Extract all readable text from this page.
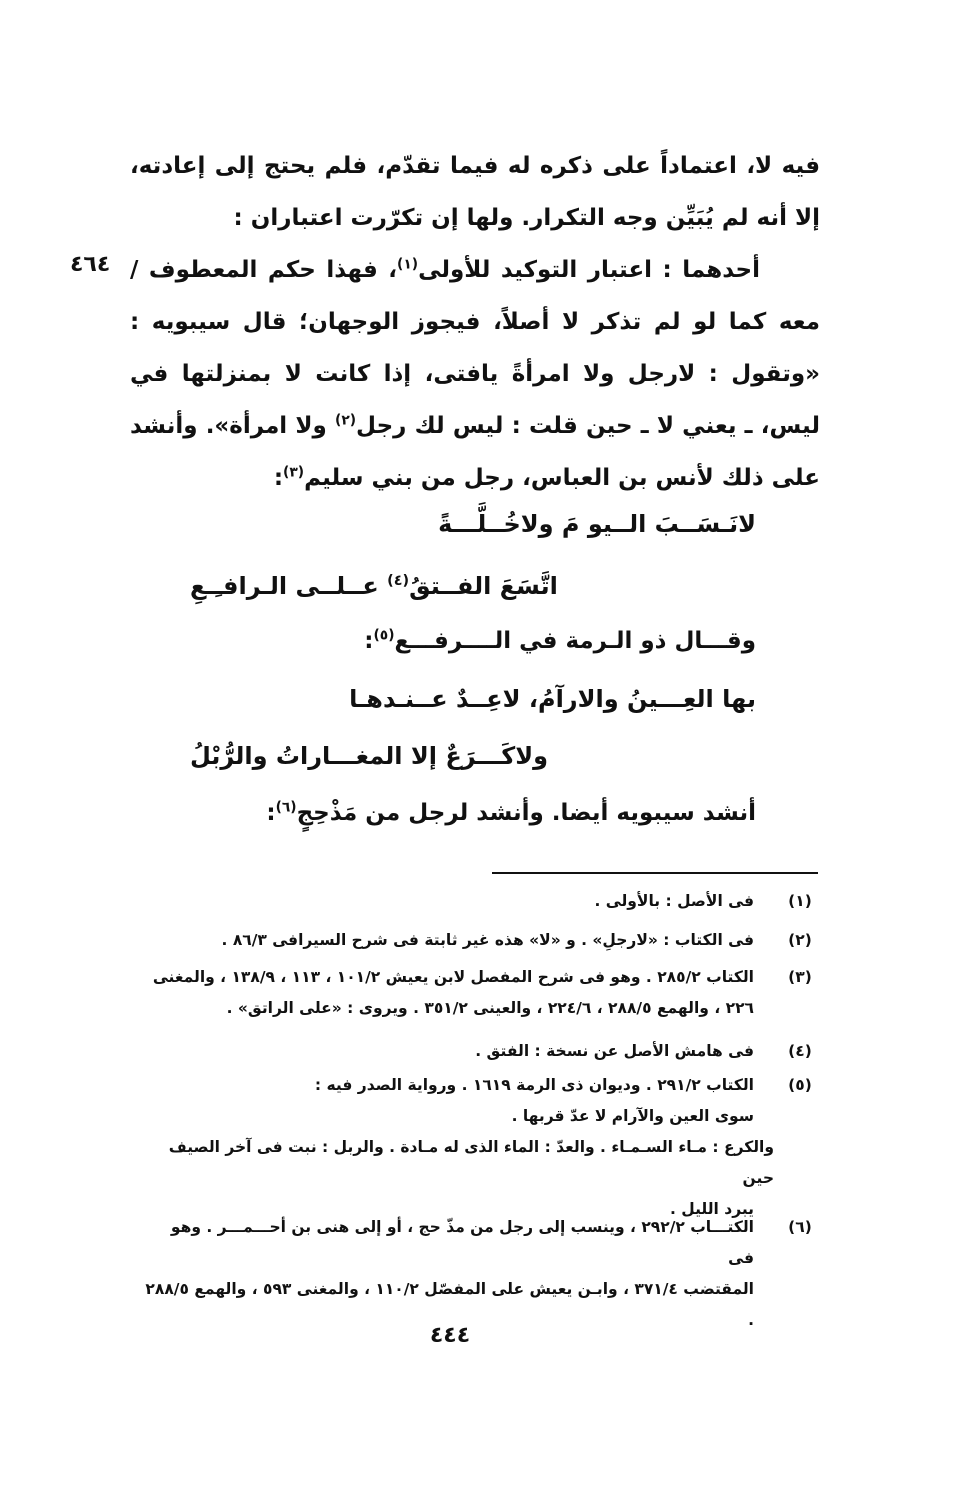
فيه لا، اعتماداً على ذكره له فيما تقدّم، فلم يحتج إلى إعادته، إلا أنه لم يُبَيِّن وجه التكرار. ولها إن تكرّرت اعتباران :

أحدهما : اعتبار التوكيد للأولى$^{(١)}$، فهذا حكم المعطوف / معه كما لو لم تذكر لا أصلاً، فيجوز الوجهان؛ قال سيبويه : «وتقول : لارجل ولا امرأةً يافتى، إذا كانت لا بمنزلتها في ليس، ـ يعني لا ـ حين قلت : ليس لك رجل$^{(٢)}$ ولا امرأة». وأنشد على ذلك لأنس بن العباس، رجل من بني سليم$^{(٣)}$:

٤٦٤
لانَـسَــبَ الــيو مَ ولاخُــلَّـــةً
اتَّسَعَ الفــتقُ$^{(٤)}$ عــلــى الـرافـِـعِ
وقـــال ذو الـرمة في الــــرفـــع$^{(٥)}$:
بها العِـــينُ والارآمُ، لاعِــدٌ عــنـدهـا
ولاكَـــرَعٌ إلا المغـــاراتُ والرُّبْلُ
أنشد سيبويه أيضا. وأنشد لرجل من مَذْحِجٍ$^{(٦)}$:
(١)
فى الأصل : بالأولى .
(٢)
فى الكتاب : «لارجلِ» . و «لا» هذه غير ثابتة فى شرح السيرافى ٨٦/٣ .
(٣)
الكتاب ٢٨٥/٢ . وهو فى شرح المفصل لابن يعيش ١٠١/٢ ، ١١٣ ، ١٣٨/٩ ، والمغنى
٢٢٦ ، والهمع ٢٨٨/٥ ، ٢٢٤/٦ ، والعينى ٣٥١/٢ . ويروى : «على الراتق» .
(٤)
فى هامش الأصل عن نسخة : الفتق .
(٥)
الكتاب ٢٩١/٢ . وديوان ذى الرمة ١٦١٩ . ورواية الصدر فيه :
سوى العين والآرام لا عدّ قربها .
والكرع : مـاء السـمـاء . والعدّ : الماء الذى له مـادة . والربل : نبت فى آخر الصيف حين
يبرد الليل .
(٦)
الكتـــاب ٢٩٢/٢ ، وينسب إلى رجل من مذّ حج ، أو إلى هنى بن أحـــمـــر . وهو فى
المقتضب ٣٧١/٤ ، وابـن يعيش على المفصّل ١١٠/٢ ، والمغنى ٥٩٣ ، والهمع ٢٨٨/٥ .
٤٤٤
